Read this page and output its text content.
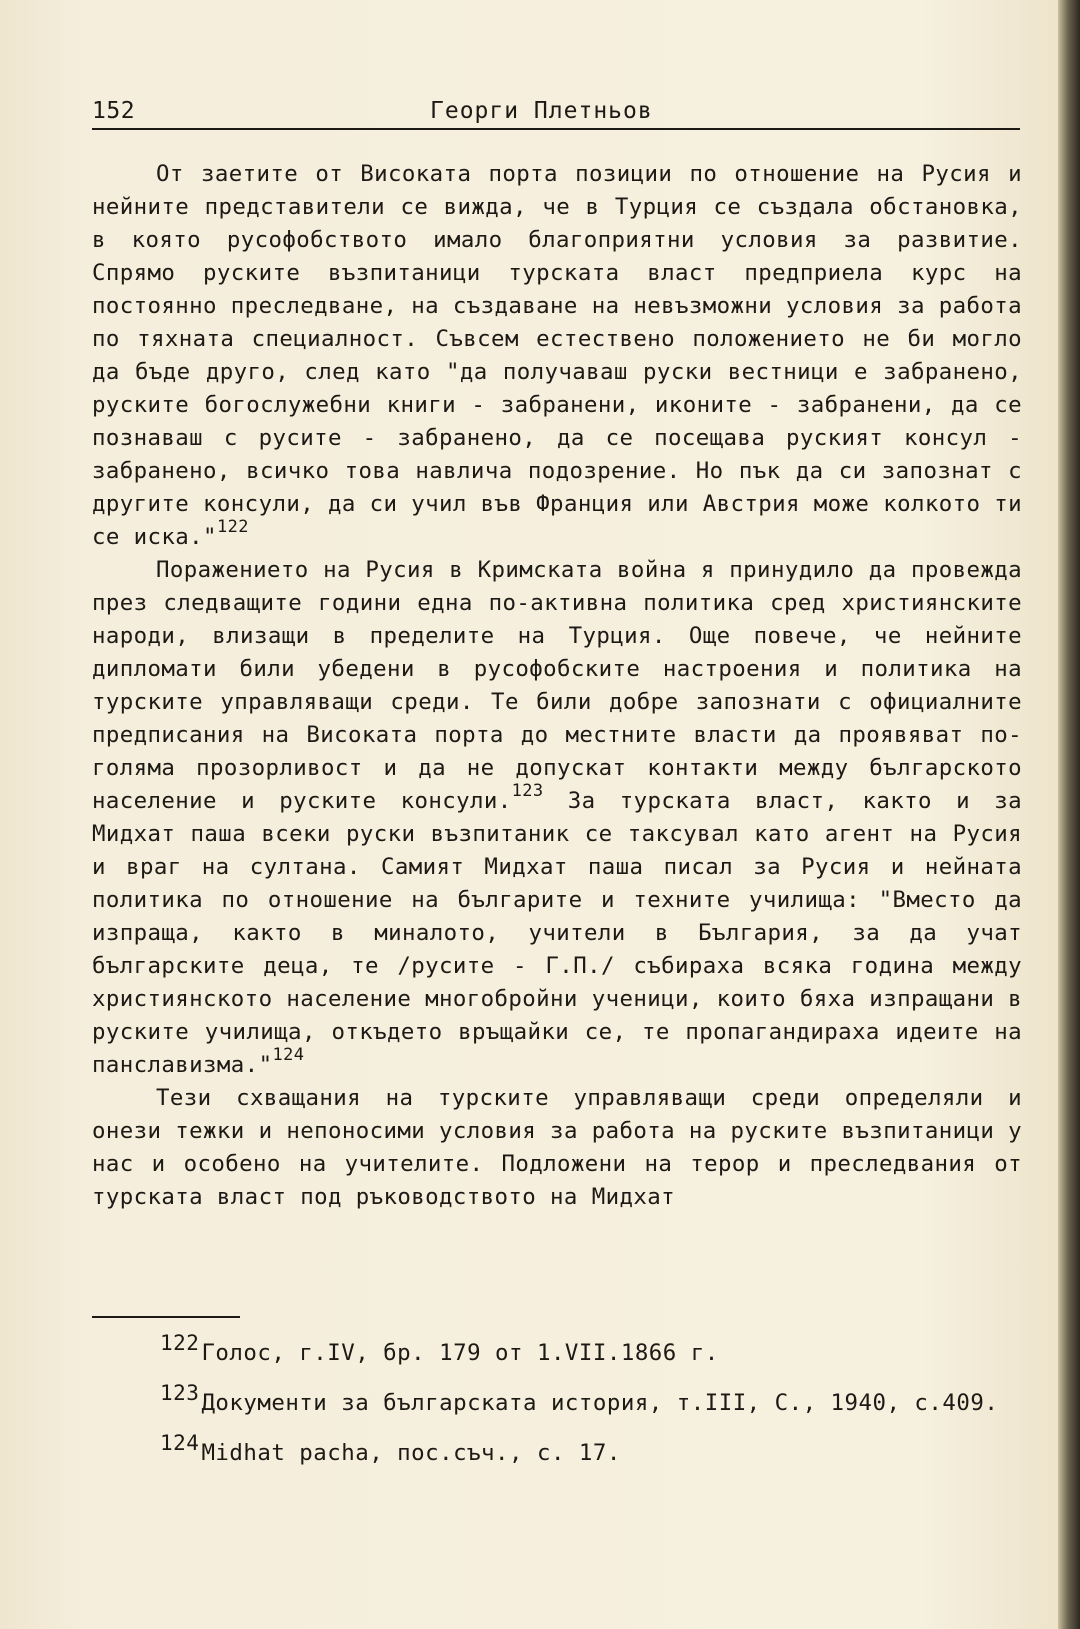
152	Георги Плетньов

От заетите от Високата порта позиции по отношение на Русия и нейните представители се вижда, че в Турция се създала обстановка, в която русофобството имало благоприятни условия за развитие. Спрямо руските възпитаници турската власт предприела курс на постоянно преследване, на създаване на невъзможни условия за работа по тяхната специалност. Съвсем естествено положението не би могло да бъде друго, след като "да получаваш руски вестници е забранено, руските богослужебни книги - забранени, иконите - забранени, да се познаваш с русите - забранено, да се посещава руският консул - забранено, всичко това навлича подозрение. Но пък да си запознат с другите консули, да си учил във Франция или Австрия може колкото ти се иска."$^{122}$

Поражението на Русия в Кримската война я принудило да провежда през следващите години една по-активна политика сред християнските народи, влизащи в пределите на Турция. Още повече, че нейните дипломати били убедени в русофобските настроения и политика на турските управляващи среди. Те били добре запознати с официалните предписания на Високата порта до местните власти да проявяват по-голяма прозорливост и да не допускат контакти между българското население и руските консули.$^{123}$ За турската власт, както и за Мидхат паша всеки руски възпитаник се таксувал като агент на Русия и враг на султана. Самият Мидхат паша писал за Русия и нейната политика по отношение на българите и техните училища: "Вместо да изпраща, както в миналото, учители в България, за да учат българските деца, те /русите - Г.П./ събираха всяка година между християнското население многобройни ученици, които бяха изпращани в руските училища, откъдето връщайки се, те пропагандираха идеите на панславизма."$^{124}$

Тези схващания на турските управляващи среди определяли и онези тежки и непоносими условия за работа на руските възпитаници у нас и особено на учителите. Подложени на терор и преследвания от турската власт под ръководството на Мидхат

$^{122}$Голос, г.IV, бр. 179 от 1.VII.1866 г.

$^{123}$Документи за българската история, т.III, С., 1940, с.409.

$^{124}$Midhat pacha, пос.съч., с. 17.
